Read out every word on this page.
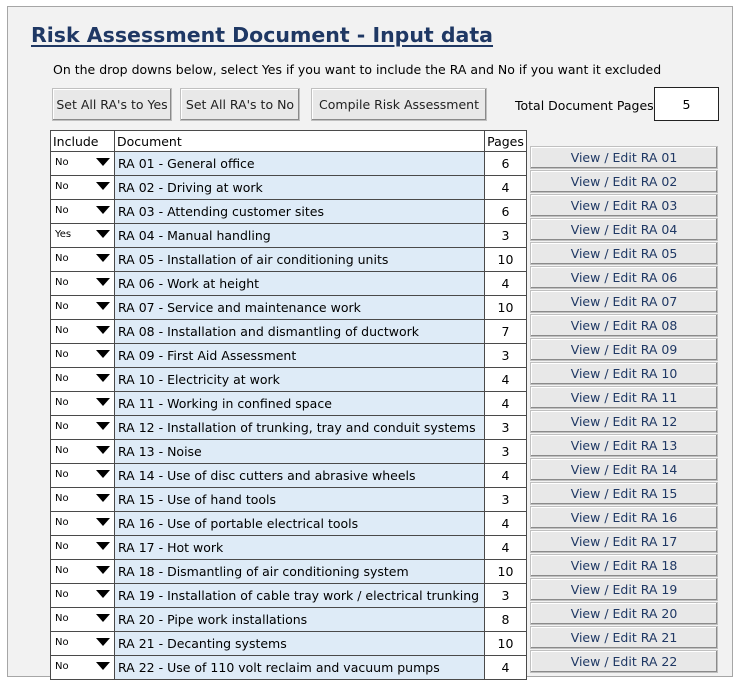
Risk Assessment Document - Input data
On the drop downs below, select Yes if you want to include the RA and No if you want it excluded
Set All RA's to Yes	Set All RA's to No	Compile Risk Assessment	Total Document Pages	5
Include	Document	Pages

No	RA 01 - General office	6

No	RA 02 - Driving at work	4

No	RA 03 - Attending customer sites	6

Yes	RA 04 - Manual handling	3

No	RA 05 - Installation of air conditioning units	10

No	RA 06 - Work at height	4

No	RA 07 - Service and maintenance work	10

No	RA 08 - Installation and dismantling of ductwork	7

No	RA 09 - First Aid Assessment	3

No	RA 10 - Electricity at work	4

No	RA 11 - Working in confined space	4

No	RA 12 - Installation of trunking, tray and conduit systems	3

No	RA 13 - Noise	3

No	RA 14 - Use of disc cutters and abrasive wheels	4

No	RA 15 - Use of hand tools	3

No	RA 16 - Use of portable electrical tools	4

No	RA 17 - Hot work	4

No	RA 18 - Dismantling of air conditioning system	10

No	RA 19 - Installation of cable tray work / electrical trunking	3

No	RA 20 - Pipe work installations	8

No	RA 21 - Decanting systems	10

No	RA 22 - Use of 110 volt reclaim and vacuum pumps	4
View / Edit RA 01
View / Edit RA 02
View / Edit RA 03
View / Edit RA 04
View / Edit RA 05
View / Edit RA 06
View / Edit RA 07
View / Edit RA 08
View / Edit RA 09
View / Edit RA 10
View / Edit RA 11
View / Edit RA 12
View / Edit RA 13
View / Edit RA 14
View / Edit RA 15
View / Edit RA 16
View / Edit RA 17
View / Edit RA 18
View / Edit RA 19
View / Edit RA 20
View / Edit RA 21
View / Edit RA 22
